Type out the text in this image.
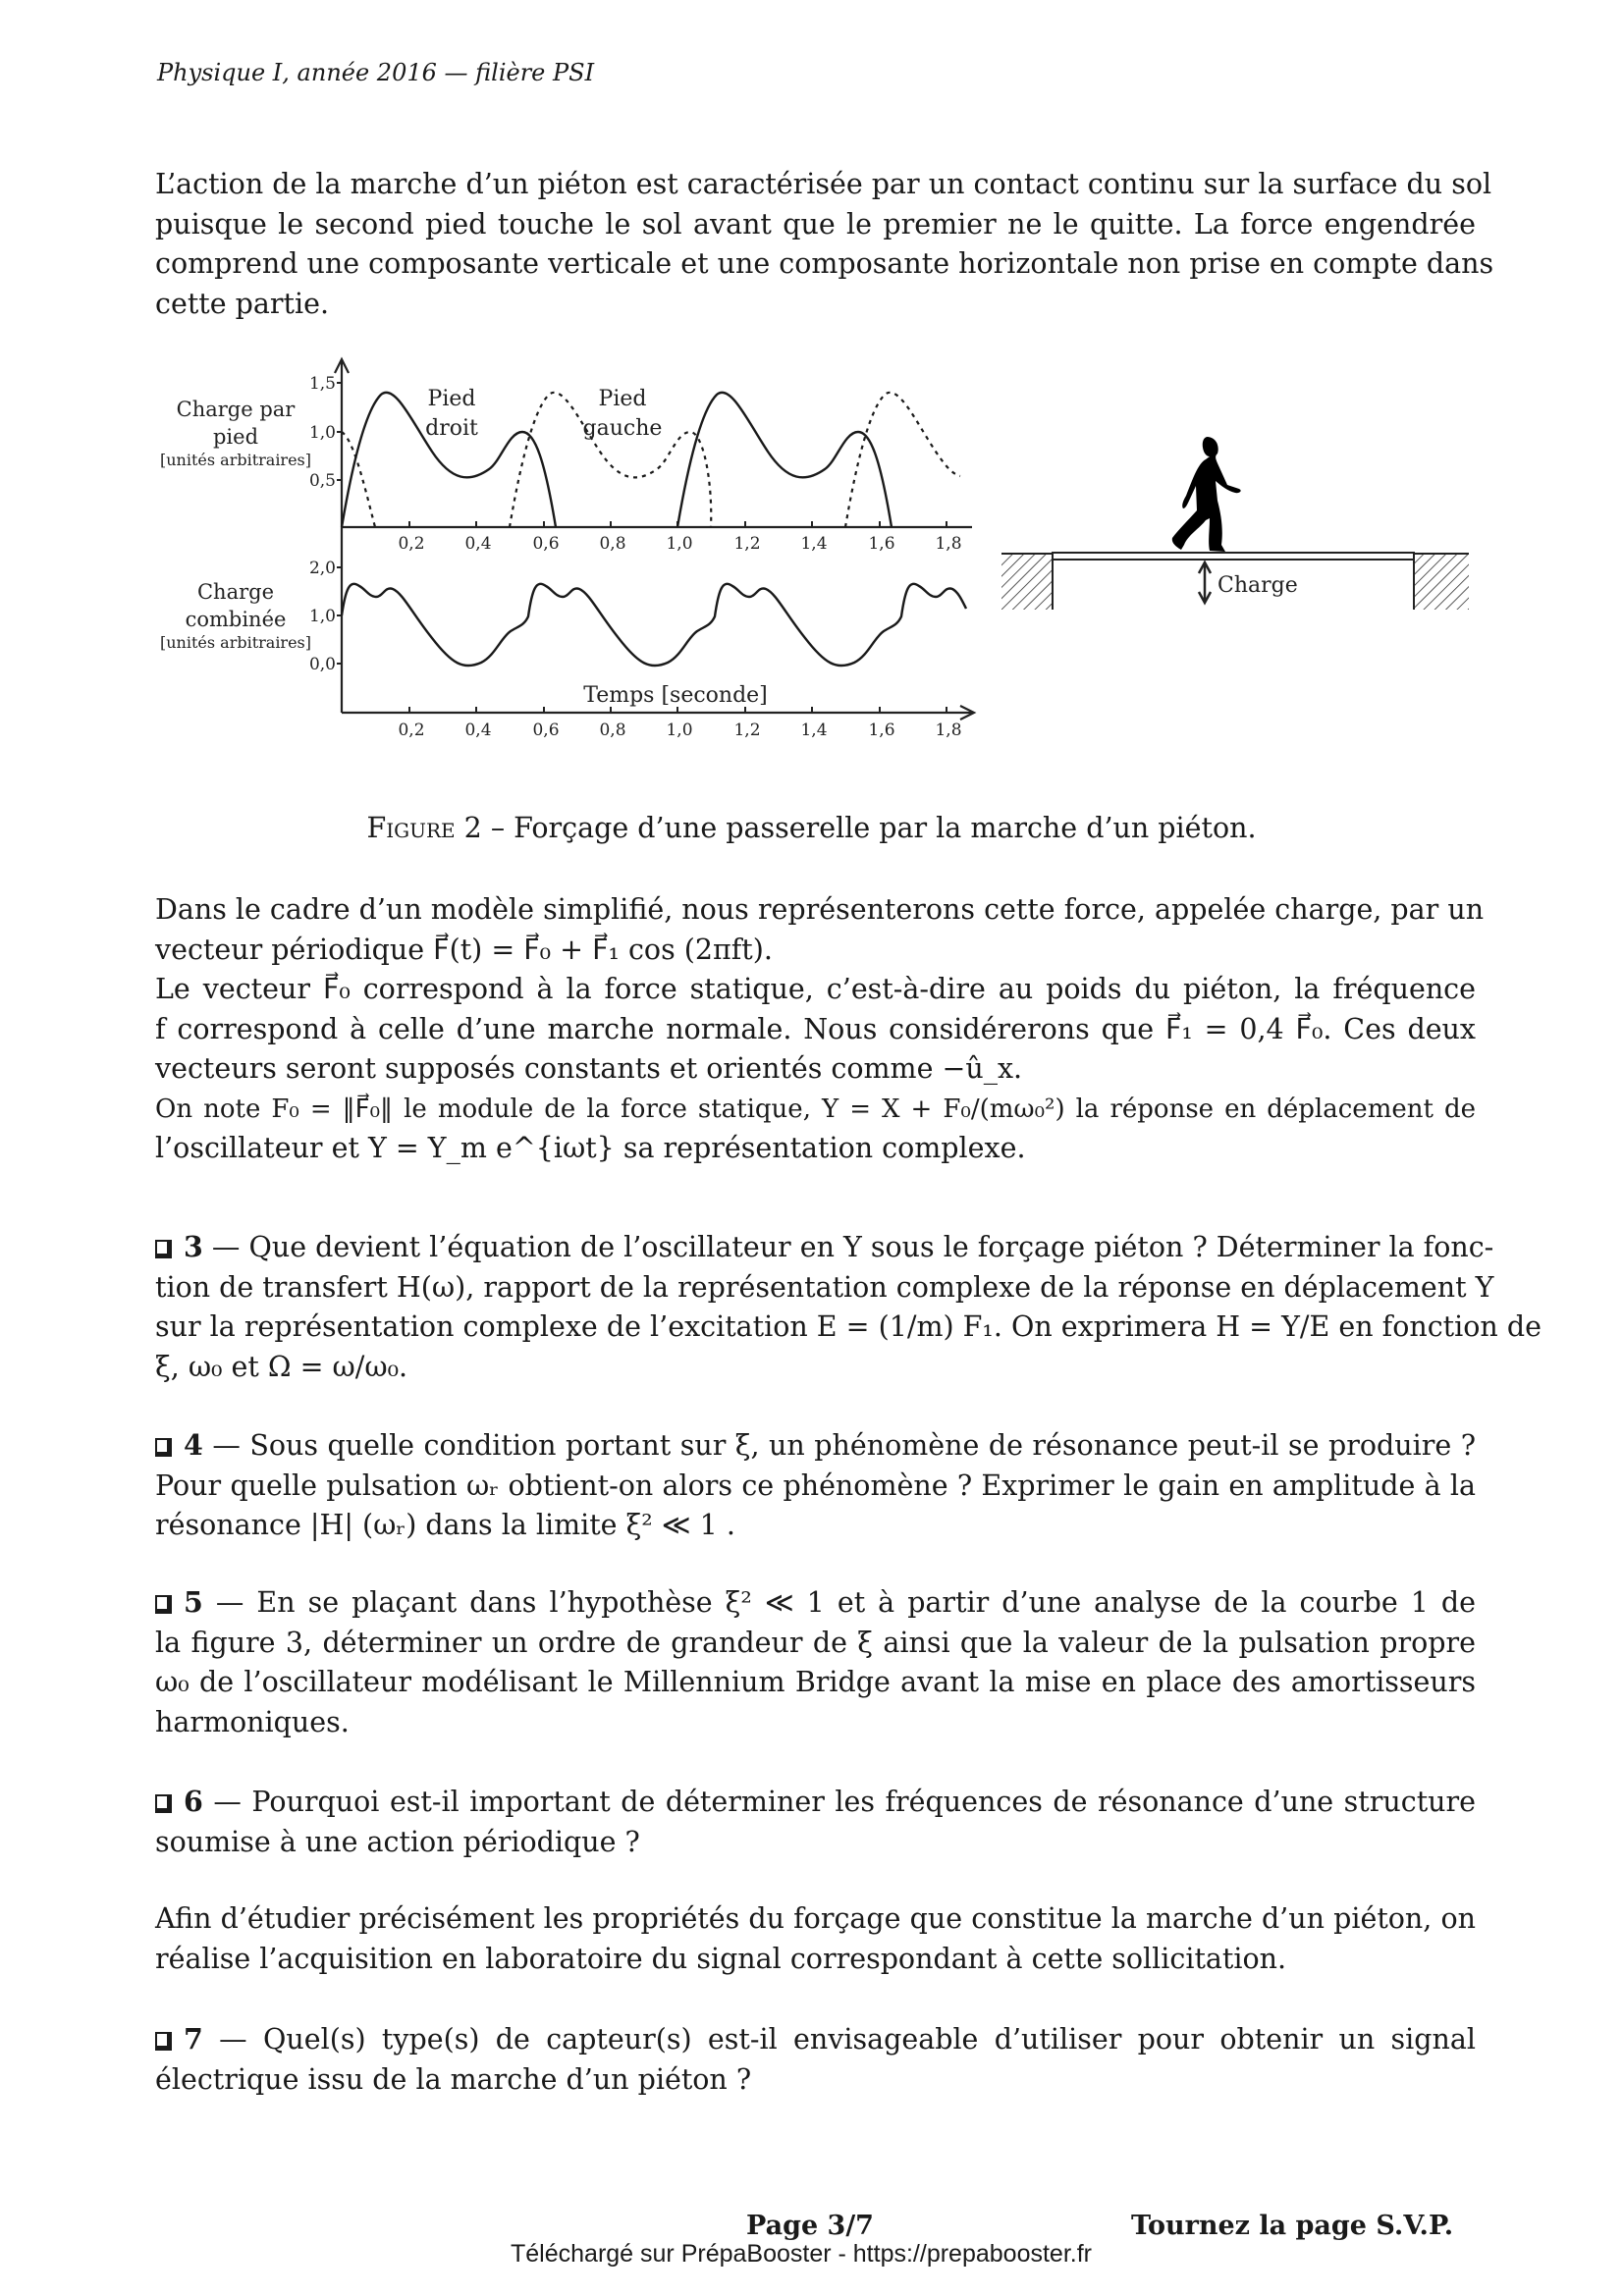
Physique I, année 2016 — filière PSI
L’action de la marche d’un piéton est caractérisée par un contact continu sur la surface du sol
puisque le second pied touche le sol avant que le premier ne le quitte. La force engendrée
comprend une composante verticale et une composante horizontale non prise en compte dans
cette partie.
Charge par
pied
[unités arbitraires]
1,5
1,0
0,5
0,2 0,4 0,6 0,8 1,0 1,2 1,4 1,6 1,8
Pied
droit
Pied
gauche
Charge
combinée
[unités arbitraires]
2,0
1,0
0,0
0,2 0,4 0,6 0,8 1,0 1,2 1,4 1,6 1,8
Temps [seconde]
Charge
Figure 2 – Forçage d’une passerelle par la marche d’un piéton.
Dans le cadre d’un modèle simplifié, nous représenterons cette force, appelée charge, par un
vecteur périodique F⃗(t) = F⃗₀ + F⃗₁ cos (2πft).
Le vecteur F⃗₀ correspond à la force statique, c’est-à-dire au poids du piéton, la fréquence
f correspond à celle d’une marche normale. Nous considérerons que F⃗₁ = 0,4 F⃗₀. Ces deux
vecteurs seront supposés constants et orientés comme −û_x.
On note F₀ = ‖F⃗₀‖ le module de la force statique, Y = X + F₀/(mω₀²) la réponse en déplacement de
l’oscillateur et Y = Y_m e^{iωt} sa représentation complexe.
3 — Que devient l’équation de l’oscillateur en Y sous le forçage piéton ? Déterminer la fonc-
tion de transfert H(ω), rapport de la représentation complexe de la réponse en déplacement Y
sur la représentation complexe de l’excitation E = (1/m) F₁. On exprimera H = Y/E en fonction de
ξ, ω₀ et Ω = ω/ω₀.
4 — Sous quelle condition portant sur ξ, un phénomène de résonance peut-il se produire ?
Pour quelle pulsation ωᵣ obtient-on alors ce phénomène ? Exprimer le gain en amplitude à la
résonance |H| (ωᵣ) dans la limite ξ² ≪ 1 .
5 — En se plaçant dans l’hypothèse ξ² ≪ 1 et à partir d’une analyse de la courbe 1 de
la figure 3, déterminer un ordre de grandeur de ξ ainsi que la valeur de la pulsation propre
ω₀ de l’oscillateur modélisant le Millennium Bridge avant la mise en place des amortisseurs
harmoniques.
6 — Pourquoi est-il important de déterminer les fréquences de résonance d’une structure
soumise à une action périodique ?
Afin d’étudier précisément les propriétés du forçage que constitue la marche d’un piéton, on
réalise l’acquisition en laboratoire du signal correspondant à cette sollicitation.
7 — Quel(s) type(s) de capteur(s) est-il envisageable d’utiliser pour obtenir un signal
électrique issu de la marche d’un piéton ?
Page 3/7	Tournez la page S.V.P.
Téléchargé sur PrépaBooster - https://prepabooster.fr
